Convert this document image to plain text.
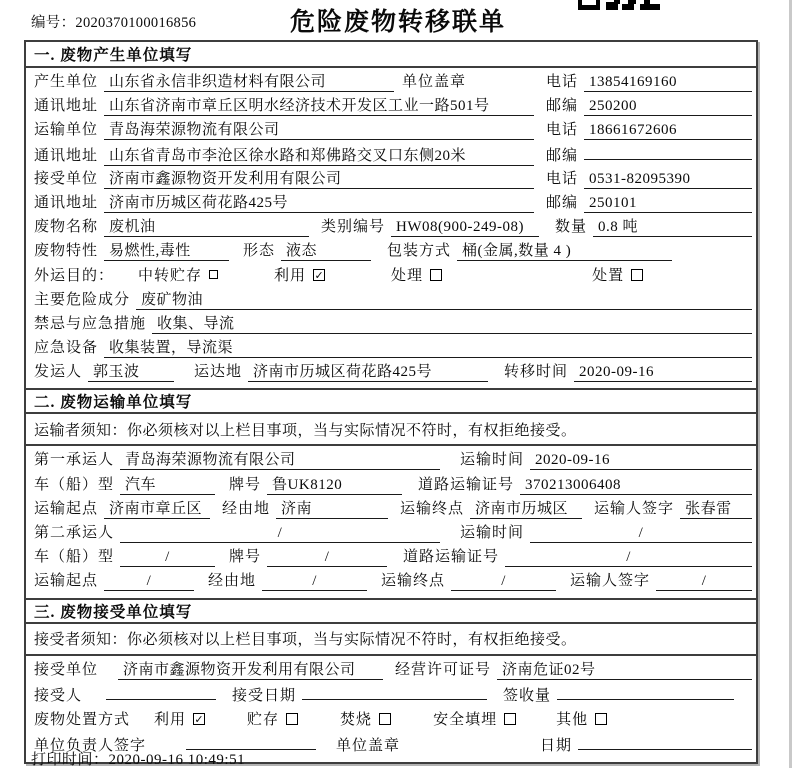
编号：2020370100016856	危险废物转移联单
一. 废物产生单位填写
产生单位 山东省永信非织造材料有限公司	单位盖章	电话 13854169160
通讯地址 山东省济南市章丘区明水经济技术开发区工业一路501号	邮编 250200
运输单位 青岛海荣源物流有限公司	电话 18661672606
通讯地址 山东省青岛市李沧区徐水路和郑佛路交叉口东侧20米	邮编
接受单位 济南市鑫源物资开发利用有限公司	电话 0531-82095390
通讯地址 济南市历城区荷花路425号	邮编 250101
废物名称 废机油	类别编号 HW08(900-249-08)	数量 0.8 吨
废物特性 易燃性,毒性	形态 液态	包装方式 桶(金属,数量 4 )
外运目的： 中转贮存	利用 ✓	处理	处置
主要危险成分 废矿物油
禁忌与应急措施 收集、导流
应急设备 收集装置，导流渠
发运人 郭玉波	运达地 济南市历城区荷花路425号	转移时间 2020-09-16
二. 废物运输单位填写
运输者须知：你必须核对以上栏目事项，当与实际情况不符时，有权拒绝接受。
第一承运人 青岛海荣源物流有限公司	运输时间 2020-09-16
车（船）型 汽车	牌号 鲁UK8120	道路运输证号 370213006408
运输起点 济南市章丘区	经由地 济南	运输终点 济南市历城区	运输人签字 张春雷
第二承运人	/	运输时间	/
车（船）型	/	牌号	/	道路运输证号	/
运输起点	/	经由地	/	运输终点	/	运输人签字	/
三. 废物接受单位填写
接受者须知：你必须核对以上栏目事项，当与实际情况不符时，有权拒绝接受。
接受单位	济南市鑫源物资开发利用有限公司	经营许可证号 济南危证02号
接受人	接受日期	签收量
废物处置方式 利用 ✓	贮存	焚烧	安全填埋	其他
单位负责人签字	单位盖章	日期
打印时间：2020-09-16 10:49:51
